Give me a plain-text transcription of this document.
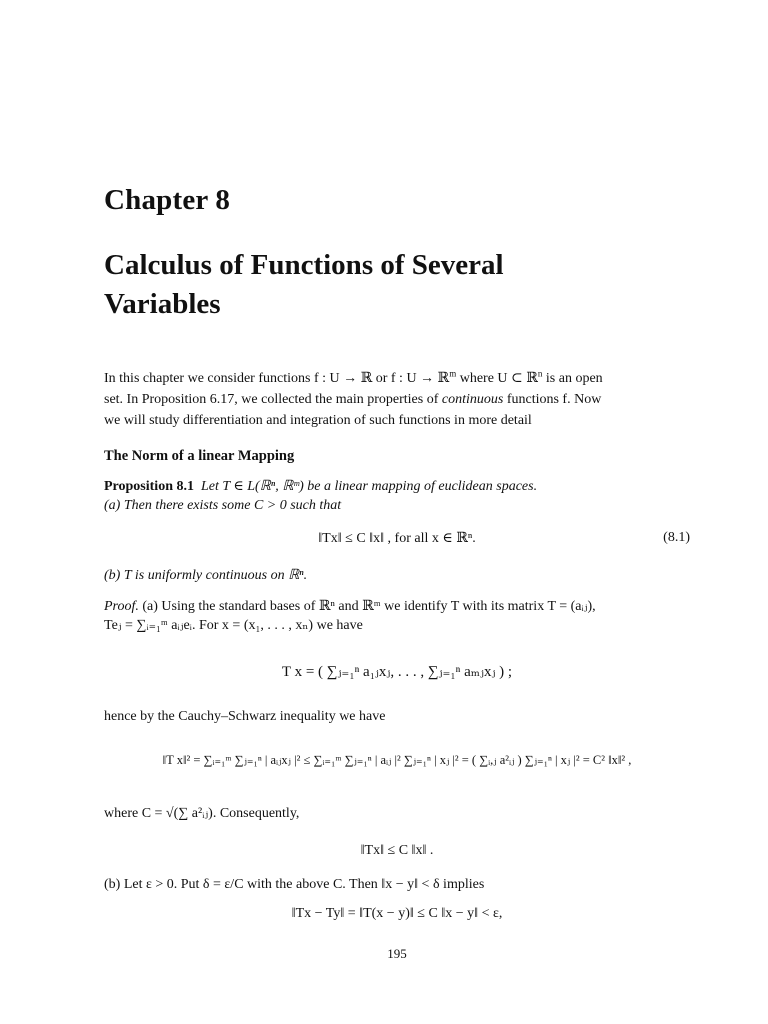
Chapter 8
Calculus of Functions of Several
Variables
In this chapter we consider functions f : U → ℝ or f : U → ℝ$^m$ where U ⊂ ℝ$^n$ is an open
set. In Proposition 6.17, we collected the main properties of continuous functions f. Now
we will study differentiation and integration of such functions in more detail
The Norm of a linear Mapping
Proposition 8.1 Let T ∈ L(ℝⁿ, ℝᵐ) be a linear mapping of euclidean spaces.
(a) Then there exists some C > 0 such that
‖Tx‖ ≤ C ‖x‖ , for all x ∈ ℝⁿ.	(8.1)
(b) T is uniformly continuous on ℝⁿ.
Proof. (a) Using the standard bases of ℝⁿ and ℝᵐ we identify T with its matrix T = (aᵢⱼ),
Teⱼ = ∑ᵢ₌₁ᵐ aᵢⱼeᵢ. For x = (x₁, . . . , xₙ) we have
T x = ( ∑ⱼ₌₁ⁿ a₁ⱼxⱼ, . . . , ∑ⱼ₌₁ⁿ aₘⱼxⱼ ) ;
hence by the Cauchy–Schwarz inequality we have
‖T x‖² = ∑ᵢ₌₁ᵐ ∑ⱼ₌₁ⁿ | aᵢⱼxⱼ |² ≤ ∑ᵢ₌₁ᵐ ∑ⱼ₌₁ⁿ | aᵢⱼ |² ∑ⱼ₌₁ⁿ | xⱼ |² = ( ∑ᵢ,ⱼ a²ᵢⱼ ) ∑ⱼ₌₁ⁿ | xⱼ |² = C² ‖x‖² ,
where C = √(∑ a²ᵢⱼ). Consequently,
‖Tx‖ ≤ C ‖x‖ .
(b) Let ε > 0. Put δ = ε/C with the above C. Then ‖x − y‖ < δ implies
‖Tx − Ty‖ = ‖T(x − y)‖ ≤ C ‖x − y‖ < ε,
195
